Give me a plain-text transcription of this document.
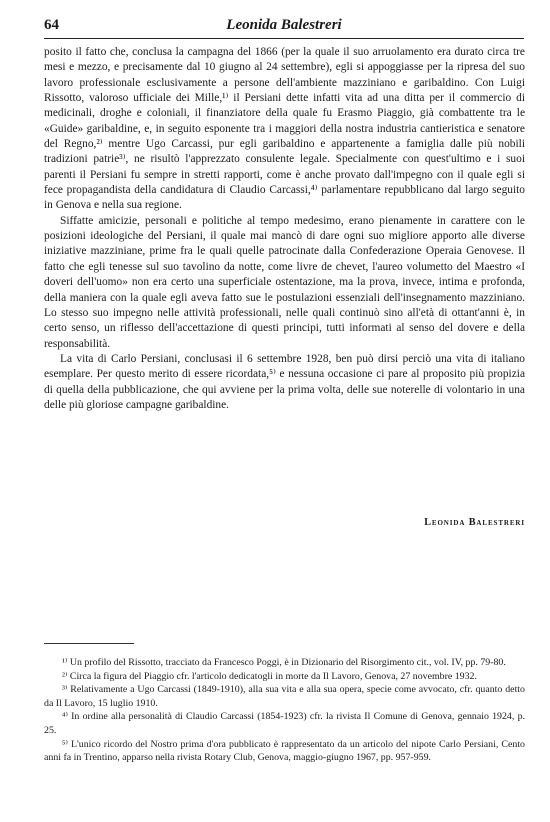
64	Leonida Balestreri

posito il fatto che, conclusa la campagna del 1866 (per la quale il suo arruolamento era durato circa tre mesi e mezzo, e precisamente dal 10 giugno al 24 settembre), egli si appoggiasse per la ripresa del suo lavoro professionale esclusivamente a persone dell'ambiente mazziniano e garibaldino. Con Luigi Rissotto, valoroso ufficiale dei Mille,¹⁾ il Persiani dette infatti vita ad una ditta per il commercio di medicinali, droghe e coloniali, il finanziatore della quale fu Erasmo Piaggio, già combattente tra le «Guide» garibaldine, e, in seguito esponente tra i maggiori della nostra industria cantieristica e senatore del Regno,²⁾ mentre Ugo Carcassi, pur egli garibaldino e appartenente a famiglia dalle più nobili tradizioni patrie³⁾, ne risultò l'apprezzato consulente legale. Specialmente con quest'ultimo e i suoi parenti il Persiani fu sempre in stretti rapporti, come è anche provato dall'impegno con il quale egli si fece propagandista della candidatura di Claudio Carcassi,⁴⁾ parlamentare repubblicano dal largo seguito in Genova e nella sua regione.

Siffatte amicizie, personali e politiche al tempo medesimo, erano pienamente in carattere con le posizioni ideologiche del Persiani, il quale mai mancò di dare ogni suo migliore apporto alle diverse iniziative mazziniane, prime fra le quali quelle patrocinate dalla Confederazione Operaia Genovese. Il fatto che egli tenesse sul suo tavolino da notte, come livre de chevet, l'aureo volumetto del Maestro «I doveri dell'uomo» non era certo una superficiale ostentazione, ma la prova, invece, intima e profonda, della maniera con la quale egli aveva fatto sue le postulazioni essenziali dell'insegnamento mazziniano. Lo stesso suo impegno nelle attività professionali, nelle quali continuò sino all'età di ottant'anni è, in certo senso, un riflesso dell'accettazione di questi principi, tutti informati al senso del dovere e della responsabilità.

La vita di Carlo Persiani, conclusasi il 6 settembre 1928, ben può dirsi perciò una vita di italiano esemplare. Per questo merito di essere ricordata,⁵⁾ e nessuna occasione ci pare al proposito più propizia di quella della pubblicazione, che qui avviene per la prima volta, delle sue noterelle di volontario in una delle più gloriose campagne garibaldine.

Leonida Balestreri

¹⁾ Un profilo del Rissotto, tracciato da Francesco Poggi, è in Dizionario del Risorgimento cit., vol. IV, pp. 79-80.

²⁾ Circa la figura del Piaggio cfr. l'articolo dedicatogli in morte da Il Lavoro, Genova, 27 novembre 1932.

³⁾ Relativamente a Ugo Carcassi (1849-1910), alla sua vita e alla sua opera, specie come avvocato, cfr. quanto detto da Il Lavoro, 15 luglio 1910.

⁴⁾ In ordine alla personalità di Claudio Carcassi (1854-1923) cfr. la rivista Il Comune di Genova, gennaio 1924, p. 25.

⁵⁾ L'unico ricordo del Nostro prima d'ora pubblicato è rappresentato da un articolo del nipote Carlo Persiani, Cento anni fa in Trentino, apparso nella rivista Rotary Club, Genova, maggio-giugno 1967, pp. 957-959.
